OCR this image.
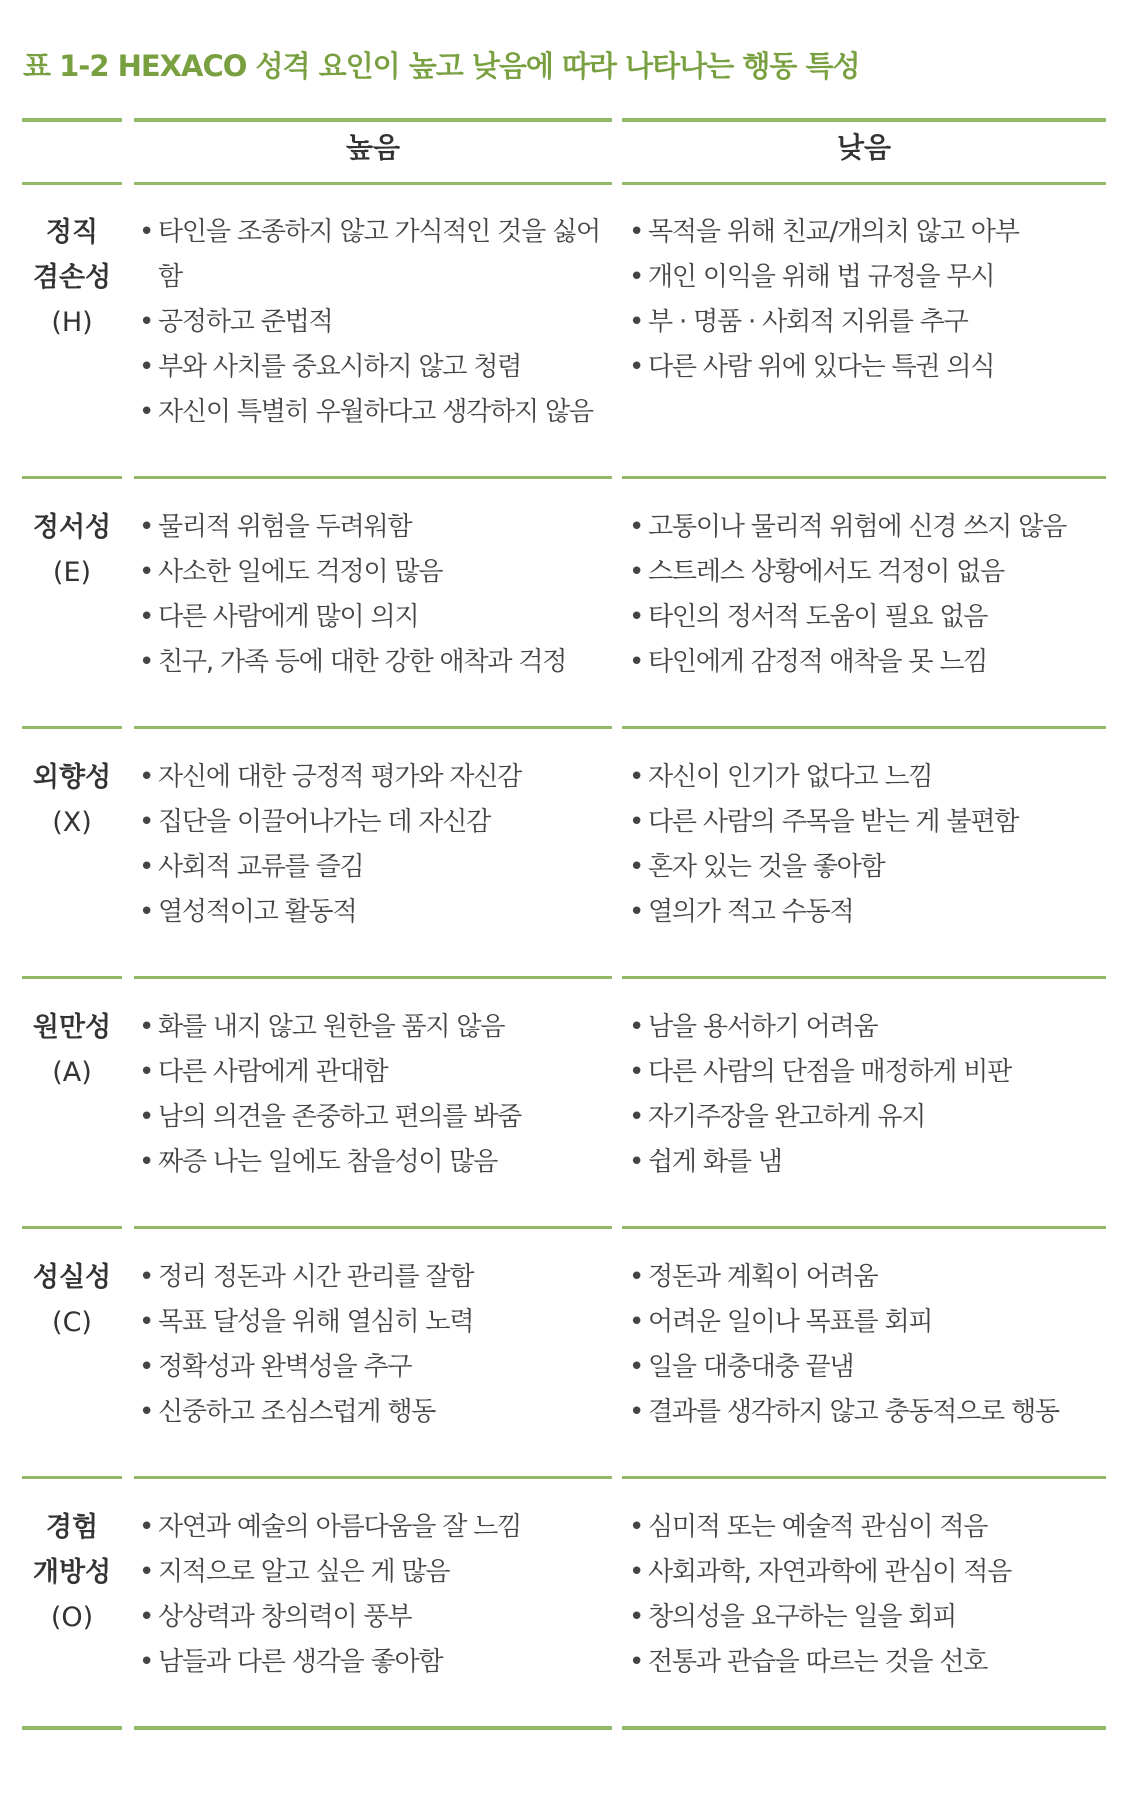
표 1-2 HEXACO 성격 요인이 높고 낮음에 따라 나타나는 행동 특성
높음	낮음
정직
겸손성
(H)
• 타인을 조종하지 않고 가식적인 것을 싫어함
• 공정하고 준법적
• 부와 사치를 중요시하지 않고 청렴
• 자신이 특별히 우월하다고 생각하지 않음
• 목적을 위해 친교/개의치 않고 아부
• 개인 이익을 위해 법 규정을 무시
• 부 · 명품 · 사회적 지위를 추구
• 다른 사람 위에 있다는 특권 의식
정서성
(E)
• 물리적 위험을 두려워함
• 사소한 일에도 걱정이 많음
• 다른 사람에게 많이 의지
• 친구, 가족 등에 대한 강한 애착과 걱정
• 고통이나 물리적 위험에 신경 쓰지 않음
• 스트레스 상황에서도 걱정이 없음
• 타인의 정서적 도움이 필요 없음
• 타인에게 감정적 애착을 못 느낌
외향성
(X)
• 자신에 대한 긍정적 평가와 자신감
• 집단을 이끌어나가는 데 자신감
• 사회적 교류를 즐김
• 열성적이고 활동적
• 자신이 인기가 없다고 느낌
• 다른 사람의 주목을 받는 게 불편함
• 혼자 있는 것을 좋아함
• 열의가 적고 수동적
원만성
(A)
• 화를 내지 않고 원한을 품지 않음
• 다른 사람에게 관대함
• 남의 의견을 존중하고 편의를 봐줌
• 짜증 나는 일에도 참을성이 많음
• 남을 용서하기 어려움
• 다른 사람의 단점을 매정하게 비판
• 자기주장을 완고하게 유지
• 쉽게 화를 냄
성실성
(C)
• 정리 정돈과 시간 관리를 잘함
• 목표 달성을 위해 열심히 노력
• 정확성과 완벽성을 추구
• 신중하고 조심스럽게 행동
• 정돈과 계획이 어려움
• 어려운 일이나 목표를 회피
• 일을 대충대충 끝냄
• 결과를 생각하지 않고 충동적으로 행동
경험
개방성
(O)
• 자연과 예술의 아름다움을 잘 느낌
• 지적으로 알고 싶은 게 많음
• 상상력과 창의력이 풍부
• 남들과 다른 생각을 좋아함
• 심미적 또는 예술적 관심이 적음
• 사회과학, 자연과학에 관심이 적음
• 창의성을 요구하는 일을 회피
• 전통과 관습을 따르는 것을 선호
